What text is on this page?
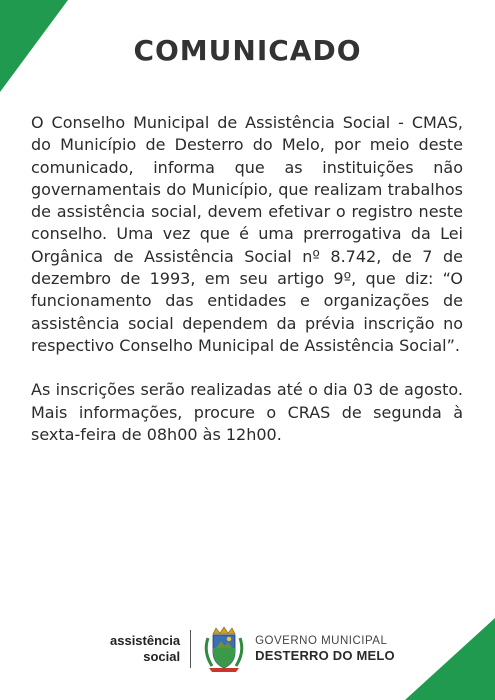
COMUNICADO

O Conselho Municipal de Assistência Social - CMAS, do Município de Desterro do Melo, por meio deste comunicado, informa que as instituições não governamentais do Município, que realizam trabalhos de assistência social, devem efetivar o registro neste conselho. Uma vez que é uma prerrogativa da Lei Orgânica de Assistência Social nº 8.742, de 7 de dezembro de 1993, em seu artigo 9º, que diz: “O funcionamento das entidades e organizações de assistência social dependem da prévia inscrição no respectivo Conselho Municipal de Assistência Social”.

As inscrições serão realizadas até o dia 03 de agosto. Mais informações, procure o CRAS de segunda à sexta-feira de 08h00 às 12h00.

assistência
social
GOVERNO MUNICIPAL
DESTERRO DO MELO
